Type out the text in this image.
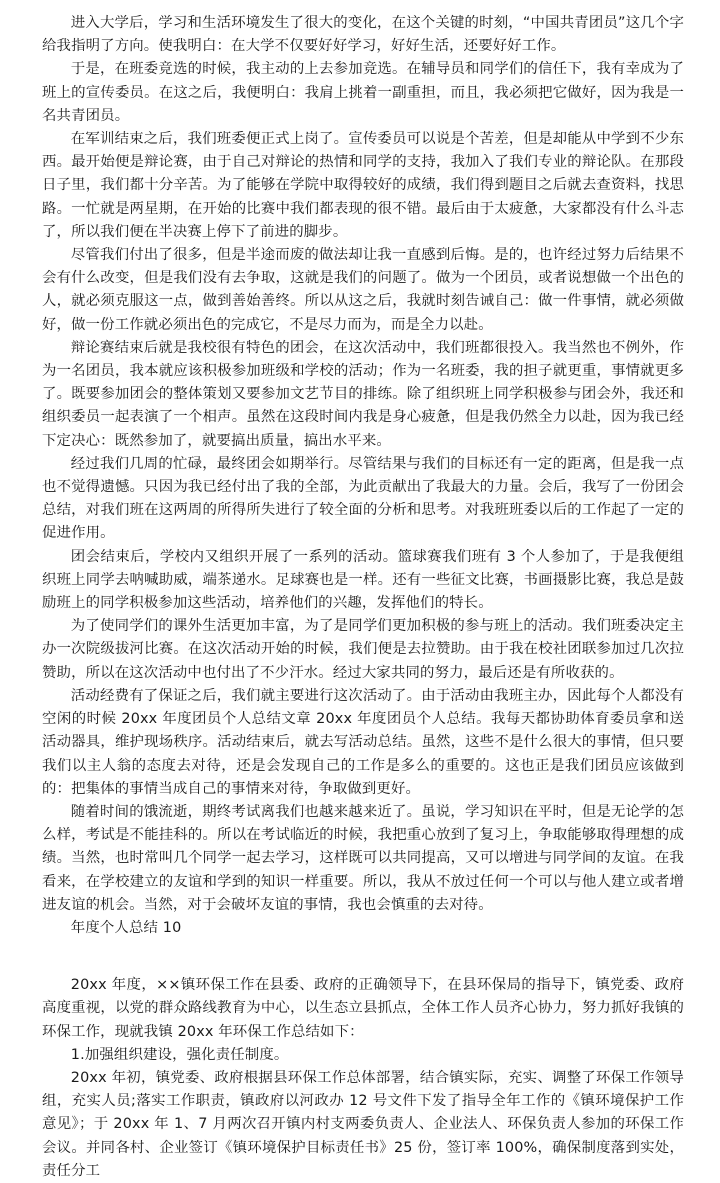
进入大学后，学习和生活环境发生了很大的变化，在这个关键的时刻，“中国共青团员”这几个字给我指明了方向。使我明白：在大学不仅要好好学习，好好生活，还要好好工作。

于是，在班委竞选的时候，我主动的上去参加竞选。在辅导员和同学们的信任下，我有幸成为了班上的宣传委员。在这之后，我便明白：我肩上挑着一副重担，而且，我必须把它做好，因为我是一名共青团员。

在军训结束之后，我们班委便正式上岗了。宣传委员可以说是个苦差，但是却能从中学到不少东西。最开始便是辩论赛，由于自己对辩论的热情和同学的支持，我加入了我们专业的辩论队。在那段日子里，我们都十分辛苦。为了能够在学院中取得较好的成绩，我们得到题目之后就去查资料，找思路。一忙就是两星期，在开始的比赛中我们都表现的很不错。最后由于太疲惫，大家都没有什么斗志了，所以我们便在半决赛上停下了前进的脚步。

尽管我们付出了很多，但是半途而废的做法却让我一直感到后悔。是的，也许经过努力后结果不会有什么改变，但是我们没有去争取，这就是我们的问题了。做为一个团员，或者说想做一个出色的人，就必须克服这一点，做到善始善终。所以从这之后，我就时刻告诫自己：做一件事情，就必须做好，做一份工作就必须出色的完成它，不是尽力而为，而是全力以赴。

辩论赛结束后就是我校很有特色的团会，在这次活动中，我们班都很投入。我当然也不例外，作为一名团员，我本就应该积极参加班级和学校的活动；作为一名班委，我的担子就更重，事情就更多了。既要参加团会的整体策划又要参加文艺节目的排练。除了组织班上同学积极参与团会外，我还和组织委员一起表演了一个相声。虽然在这段时间内我是身心疲惫，但是我仍然全力以赴，因为我已经下定决心：既然参加了，就要搞出质量，搞出水平来。

经过我们几周的忙碌，最终团会如期举行。尽管结果与我们的目标还有一定的距离，但是我一点也不觉得遗憾。只因为我已经付出了我的全部，为此贡献出了我最大的力量。会后，我写了一份团会总结，对我们班在这两周的所得所失进行了较全面的分析和思考。对我班班委以后的工作起了一定的促进作用。

团会结束后，学校内又组织开展了一系列的活动。篮球赛我们班有 3 个人参加了，于是我便组织班上同学去呐喊助威，端茶递水。足球赛也是一样。还有一些征文比赛，书画摄影比赛，我总是鼓励班上的同学积极参加这些活动，培养他们的兴趣，发挥他们的特长。

为了使同学们的课外生活更加丰富，为了是同学们更加积极的参与班上的活动。我们班委决定主办一次院级拔河比赛。在这次活动开始的时候，我们便是去拉赞助。由于我在校社团联参加过几次拉赞助，所以在这次活动中也付出了不少汗水。经过大家共同的努力，最后还是有所收获的。

活动经费有了保证之后，我们就主要进行这次活动了。由于活动由我班主办，因此每个人都没有空闲的时候 20xx 年度团员个人总结文章 20xx 年度团员个人总结。我每天都协助体育委员拿和送活动器具，维护现场秩序。活动结束后，就去写活动总结。虽然，这些不是什么很大的事情，但只要我们以主人翁的态度去对待，还是会发现自己的工作是多么的重要的。这也正是我们团员应该做到的：把集体的事情当成自己的事情来对待，争取做到更好。

随着时间的饿流逝，期终考试离我们也越来越来近了。虽说，学习知识在平时，但是无论学的怎么样，考试是不能挂科的。所以在考试临近的时候，我把重心放到了复习上，争取能够取得理想的成绩。当然，也时常叫几个同学一起去学习，这样既可以共同提高，又可以增进与同学间的友谊。在我看来，在学校建立的友谊和学到的知识一样重要。所以，我从不放过任何一个可以与他人建立或者增进友谊的机会。当然，对于会破坏友谊的事情，我也会慎重的去对待。

年度个人总结 10

20xx 年度，××镇环保工作在县委、政府的正确领导下，在县环保局的指导下，镇党委、政府高度重视，以党的群众路线教育为中心，以生态立县抓点，全体工作人员齐心协力，努力抓好我镇的环保工作，现就我镇 20xx 年环保工作总结如下：

1.加强组织建设，强化责任制度。

20xx 年初，镇党委、政府根据县环保工作总体部署，结合镇实际，充实、调整了环保工作领导组，充实人员;落实工作职责，镇政府以河政办 12 号文件下发了指导全年工作的《镇环境保护工作意见》；于 20xx 年 1、7 月两次召开镇内村支两委负责人、企业法人、环保负责人参加的环保工作会议。并同各村、企业签订《镇环境保护目标责任书》25 份，签订率 100%，确保制度落到实处，责任分工
